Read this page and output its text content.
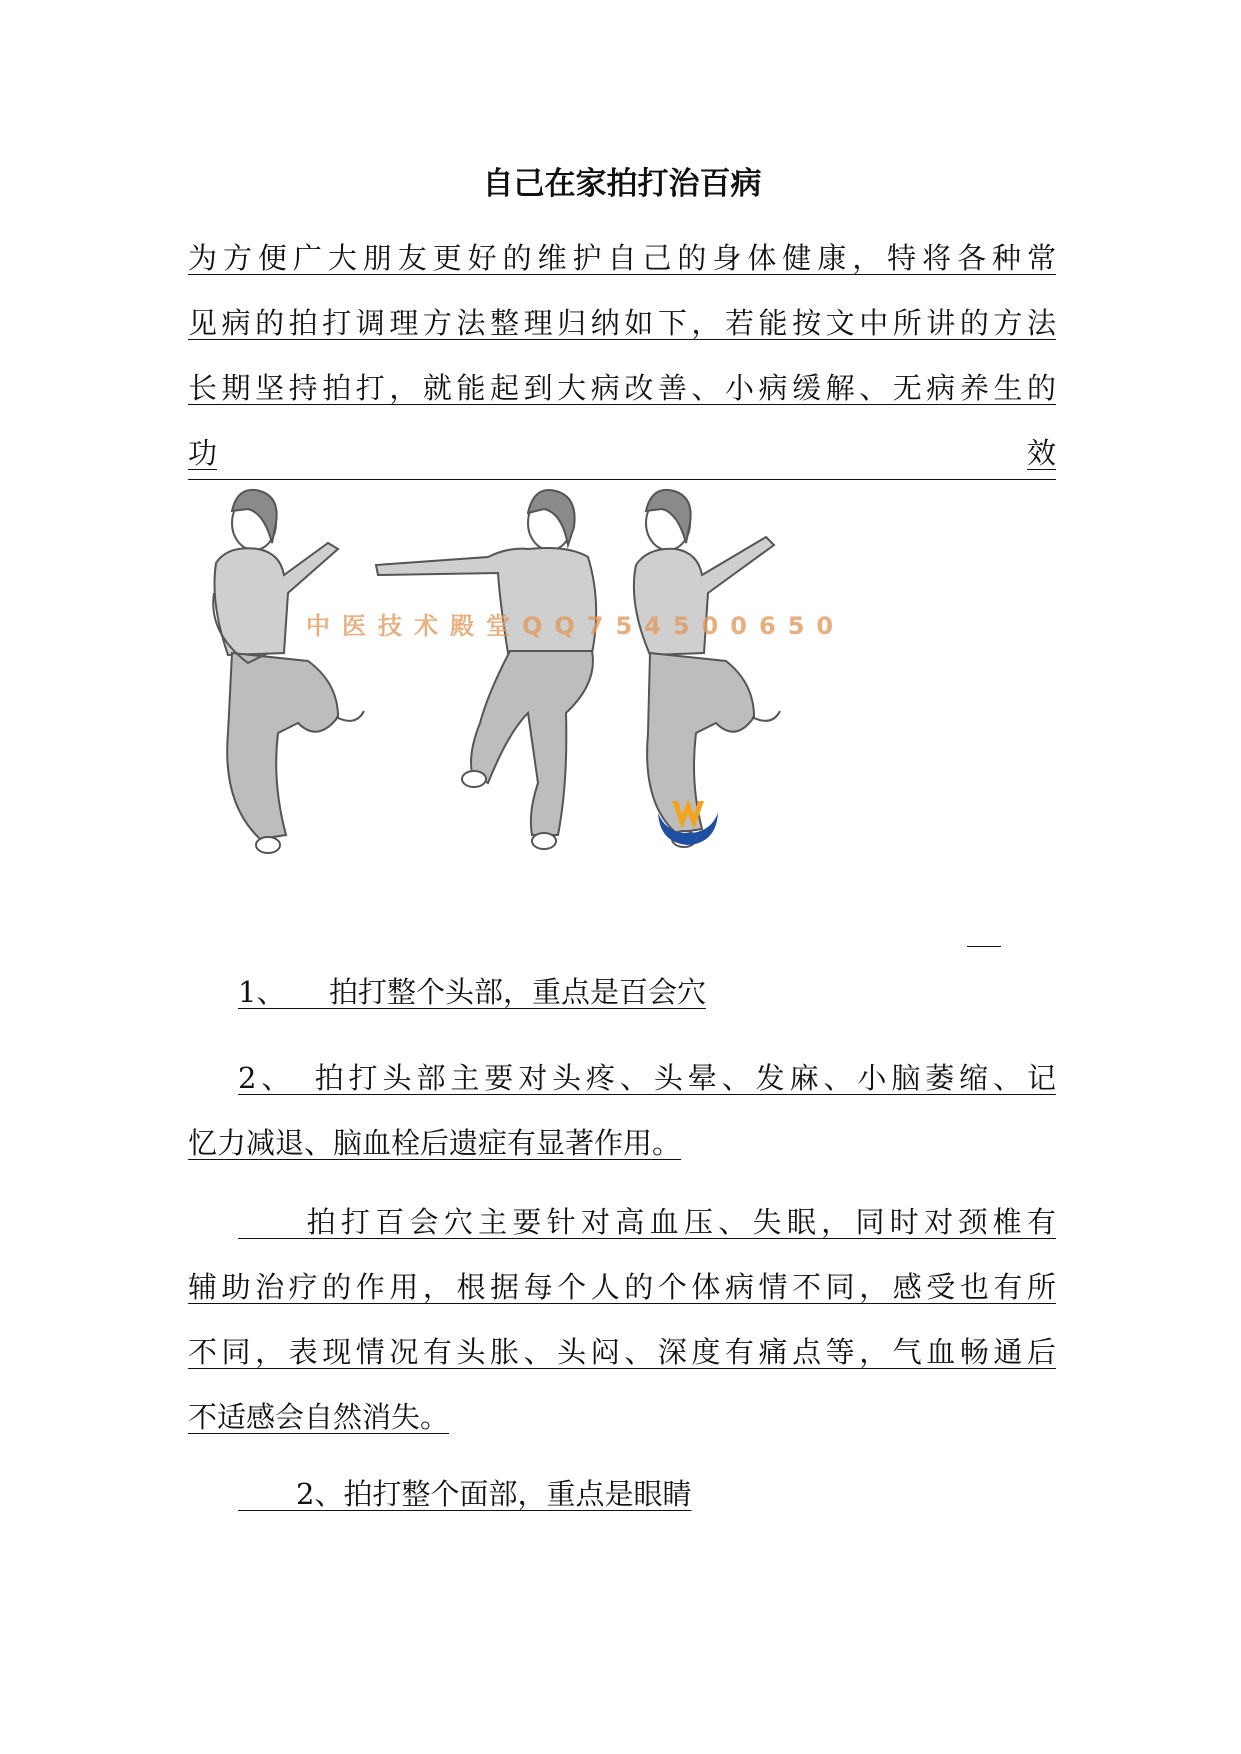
自己在家拍打治百病
为方便广大朋友更好的维护自己的身体健康，特将各种常
见病的拍打调理方法整理归纳如下，若能按文中所讲的方法
长期坚持拍打，就能起到大病改善、小病缓解、无病养生的
功	效
中医技术殿堂QQ754500650
1、　　拍打整个头部，重点是百会穴
2、　拍打头部主要对头疼、头晕、发麻、小脑萎缩、记
忆力减退、脑血栓后遗症有显著作用。
　　拍打百会穴主要针对高血压、失眠，同时对颈椎有
辅助治疗的作用，根据每个人的个体病情不同，感受也有所
不同，表现情况有头胀、头闷、深度有痛点等，气血畅通后
不适感会自然消失。
　　2、拍打整个面部，重点是眼睛
